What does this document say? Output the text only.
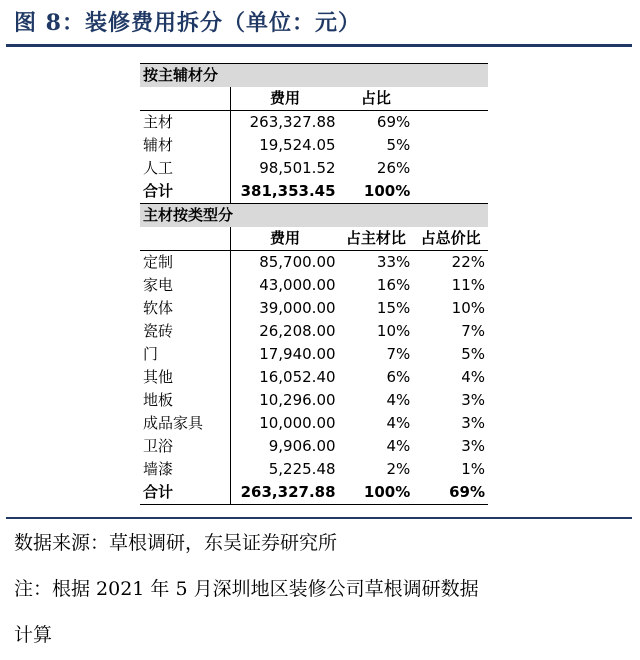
图 8：装修费用拆分（单位：元）
按主辅材分			
	费用	占比	
主材	263,327.88	69%	
辅材	19,524.05	5%	
人工	98,501.52	26%	
合计	381,353.45	100%	
主材按类型分			
	费用	占主材比	占总价比
定制	85,700.00	33%	22%
家电	43,000.00	16%	11%
软体	39,000.00	15%	10%
瓷砖	26,208.00	10%	7%
门	17,940.00	7%	5%
其他	16,052.40	6%	4%
地板	10,296.00	4%	3%
成品家具	10,000.00	4%	3%
卫浴	9,906.00	4%	3%
墙漆	5,225.48	2%	1%
合计	263,327.88	100%	69%
数据来源：草根调研，东吴证券研究所
注：根据 2021 年 5 月深圳地区装修公司草根调研数据
计算
